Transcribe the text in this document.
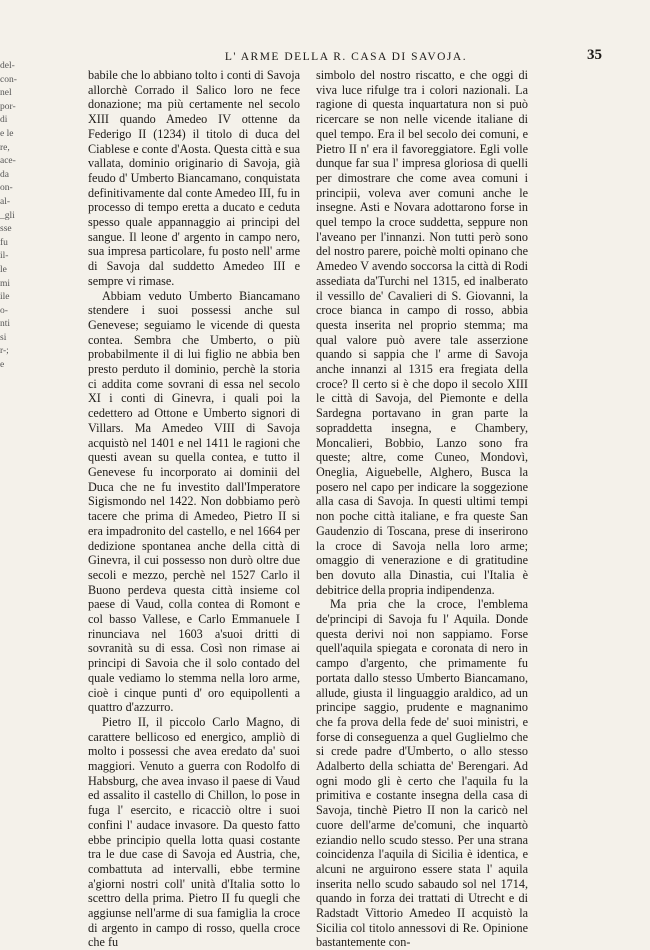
del-
con-
nel
por-
di
e le
re,
ace-
da
on-
al-
_gli
sse
fu
il-
le
mi
ile
o-
nti
si
r-;
e
L' ARME DELLA R. CASA DI SAVOJA.	35

babile che lo abbiano tolto i conti di Savoja allorchè Corrado il Salico loro ne fece donazione; ma più certamente nel secolo XIII quando Amedeo IV ottenne da Federigo II (1234) il titolo di duca del Ciablese e conte d'Aosta. Questa città e sua vallata, dominio originario di Savoja, già feudo d' Umberto Biancamano, conquistata definitivamente dal conte Amedeo III, fu in processo di tempo eretta a ducato e ceduta spesso quale appannaggio ai principi del sangue. Il leone d' argento in campo nero, sua impresa particolare, fu posto nell' arme di Savoja dal suddetto Amedeo III e sempre vi rimase.

Abbiam veduto Umberto Biancamano stendere i suoi possessi anche sul Genevese; seguiamo le vicende di questa contea. Sembra che Umberto, o più probabilmente il di lui figlio ne abbia ben presto perduto il dominio, perchè la storia ci addita come sovrani di essa nel secolo XI i conti di Ginevra, i quali poi la cedettero ad Ottone e Umberto signori di Villars. Ma Amedeo VIII di Savoja acquistò nel 1401 e nel 1411 le ragioni che questi avean su quella contea, e tutto il Genevese fu incorporato ai dominii del Duca che ne fu investito dall'Imperatore Sigismondo nel 1422. Non dobbiamo però tacere che prima di Amedeo, Pietro II si era impadronito del castello, e nel 1664 per dedizione spontanea anche della città di Ginevra, il cui possesso non durò oltre due secoli e mezzo, perchè nel 1527 Carlo il Buono perdeva questa città insieme col paese di Vaud, colla contea di Romont e col basso Vallese, e Carlo Emmanuele I rinunciava nel 1603 a'suoi dritti di sovranità su di essa. Così non rimase ai principi di Savoia che il solo contado del quale vediamo lo stemma nella loro arme, cioè i cinque punti d' oro equipollenti a quattro d'azzurro.

Pietro II, il piccolo Carlo Magno, di carattere bellicoso ed energico, ampliò di molto i possessi che avea eredato da' suoi maggiori. Venuto a guerra con Rodolfo di Habsburg, che avea invaso il paese di Vaud ed assalito il castello di Chillon, lo pose in fuga l' esercito, e ricacciò oltre i suoi confini l' audace invasore. Da questo fatto ebbe principio quella lotta quasi costante tra le due case di Savoja ed Austria, che, combattuta ad intervalli, ebbe termine a'giorni nostri coll' unità d'Italia sotto lo scettro della prima. Pietro II fu quegli che aggiunse nell'arme di sua famiglia la croce di argento in campo di rosso, quella croce che fu

simbolo del nostro riscatto, e che oggi di viva luce rifulge tra i colori nazionali. La ragione di questa inquartatura non si può ricercare se non nelle vicende italiane di quel tempo. Era il bel secolo dei comuni, e Pietro II n' era il favoreggiatore. Egli volle dunque far sua l' impresa gloriosa di quelli per dimostrare che come avea comuni i principii, voleva aver comuni anche le insegne. Asti e Novara adottarono forse in quel tempo la croce suddetta, seppure non l'aveano per l'innanzi. Non tutti però sono del nostro parere, poichè molti opinano che Amedeo V avendo soccorsa la città di Rodi assediata da'Turchi nel 1315, ed inalberato il vessillo de' Cavalieri di S. Giovanni, la croce bianca in campo di rosso, abbia questa inserita nel proprio stemma; ma qual valore può avere tale asserzione quando si sappia che l' arme di Savoja anche innanzi al 1315 era fregiata della croce? Il certo si è che dopo il secolo XIII le città di Savoja, del Piemonte e della Sardegna portavano in gran parte la sopraddetta insegna, e Chambery, Moncalieri, Bobbio, Lanzo sono fra queste; altre, come Cuneo, Mondovì, Oneglia, Aiguebelle, Alghero, Busca la posero nel capo per indicare la soggezione alla casa di Savoja. In questi ultimi tempi non poche città italiane, e fra queste San Gaudenzio di Toscana, prese di inserirono la croce di Savoja nella loro arme; omaggio di venerazione e di gratitudine ben dovuto alla Dinastia, cui l'Italia è debitrice della propria indipendenza.

Ma pria che la croce, l'emblema de'principi di Savoja fu l' Aquila. Donde questa derivi noi non sappiamo. Forse quell'aquila spiegata e coronata di nero in campo d'argento, che primamente fu portata dallo stesso Umberto Biancamano, allude, giusta il linguaggio araldico, ad un principe saggio, prudente e magnanimo che fa prova della fede de' suoi ministri, e forse di conseguenza a quel Guglielmo che si crede padre d'Umberto, o allo stesso Adalberto della schiatta de' Berengari. Ad ogni modo gli è certo che l'aquila fu la primitiva e costante insegna della casa di Savoja, tinchè Pietro II non la caricò nel cuore dell'arme de'comuni, che inquartò eziandio nello scudo stesso. Per una strana coincidenza l'aquila di Sicilia è identica, e alcuni ne arguirono essere stata l' aquila inserita nello scudo sabaudo sol nel 1714, quando in forza dei trattati di Utrecht e di Radstadt Vittorio Amedeo II acquistò la Sicilia col titolo annessovi di Re. Opinione bastantemente con-
